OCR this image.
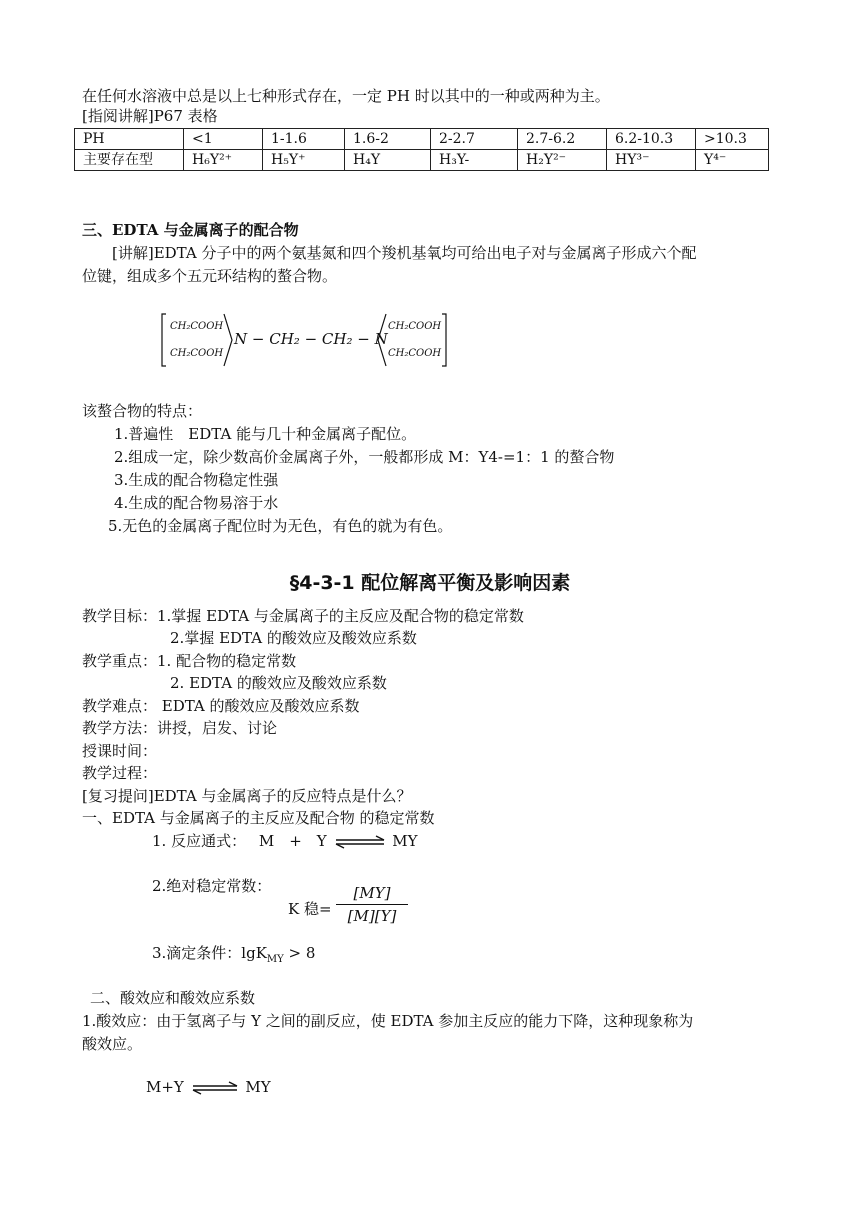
在任何水溶液中总是以上七种形式存在，一定 PH 时以其中的一种或两种为主。
[指阅讲解]P67 表格
PH	<1	1-1.6	1.6-2	2-2.7	2.7-6.2	6.2-10.3	>10.3
主要存在型	H₆Y²⁺	H₅Y⁺	H₄Y	H₃Y-	H₂Y²⁻	HY³⁻	Y⁴⁻
三、EDTA 与金属离子的配合物
[讲解]EDTA 分子中的两个氨基氮和四个羧机基氧均可给出电子对与金属离子形成六个配
位键，组成多个五元环结构的螯合物。
CH₂COOH
CH₂COOH
N − CH₂ − CH₂ − N
CH₂COOH
CH₂COOH
该螯合物的特点：
1.普遍性　EDTA 能与几十种金属离子配位。
2.组成一定，除少数高价金属离子外，一般都形成 M：Y4-=1：1 的螯合物
3.生成的配合物稳定性强
4.生成的配合物易溶于水
5.无色的金属离子配位时为无色，有色的就为有色。
§4-3-1 配位解离平衡及影响因素
教学目标：1.掌握 EDTA 与金属离子的主反应及配合物的稳定常数
2.掌握 EDTA 的酸效应及酸效应系数
教学重点：1. 配合物的稳定常数
2. EDTA 的酸效应及酸效应系数
教学难点： EDTA 的酸效应及酸效应系数
教学方法：讲授，启发、讨论
授课时间：
教学过程：
[复习提问]EDTA 与金属离子的反应特点是什么？
一、EDTA 与金属离子的主反应及配合物 的稳定常数
1. 反应通式： M　+　Y ⇌ MY
2.绝对稳定常数：
K 稳=
[MY]
[M][Y]
3.滴定条件：lgK$_{MY}$ > 8
二、酸效应和酸效应系数
1.酸效应：由于氢离子与 Y 之间的副反应，使 EDTA 参加主反应的能力下降，这种现象称为
酸效应。
M+Y ⇌ MY
